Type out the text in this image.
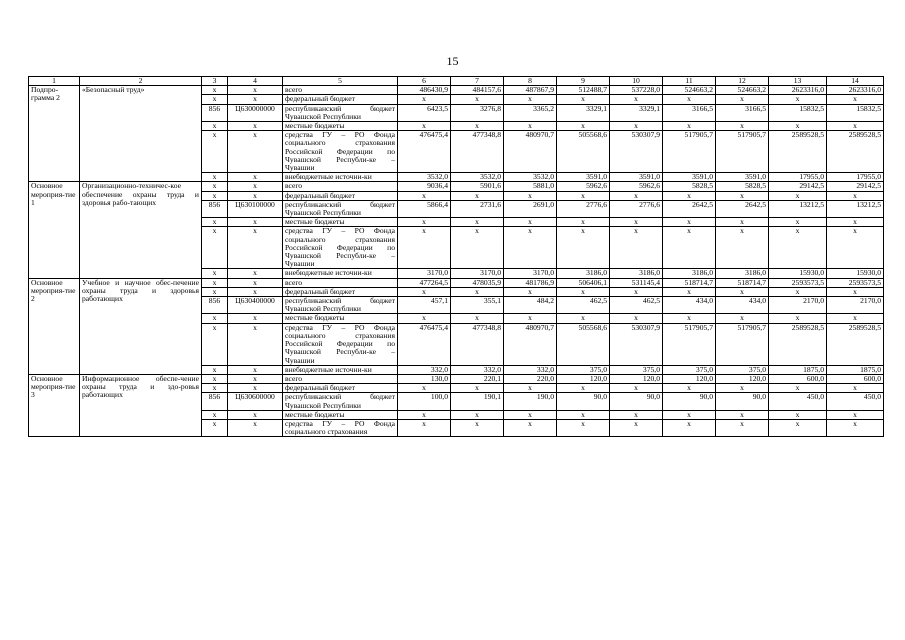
15
1	2	3	4	5	6	7	8	9	10	11	12	13	14
Подпро-грамма 2	«Безопасный труд»	x	x	всего	486430,9	484157,6	487867,9	512488,7	537228,0	524663,2	524663,2	2623316,0	2623316,0
		x	x	федеральный бюджет	x	x	x	x	x	x	x	x	x
		856	Ц630000000	республиканский бюджет Чувашской Республики	6423,5	3276,8	3365,2	3329,1	3329,1	3166,5	3166,5	15832,5	15832,5
		x	x	местные бюджеты	x	x	x	x	x	x	x	x	x
		x	x	средства ГУ – РО Фонда социального страхования Российской Федерации по Чувашской Республи-ке – Чувашии	476475,4	477348,8	480970,7	505568,6	530307,9	517905,7	517905,7	2589528,5	2589528,5
		x	x	внебюджетные источни-ки	3532,0	3532,0	3532,0	3591,0	3591,0	3591,0	3591,0	17955,0	17955,0
Основное мероприя-тие 1	Организационно-техничес-кое обеспечение охраны труда и здоровья рабо-тающих	x	x	всего	9036,4	5901,6	5881,0	5962,6	5962,6	5828,5	5828,5	29142,5	29142,5
		x	x	федеральный бюджет	x	x	x	x	x	x	x	x	x
		856	Ц630100000	республиканский бюджет Чувашской Республики	5866,4	2731,6	2691,0	2776,6	2776,6	2642,5	2642,5	13212,5	13212,5
		x	x	местные бюджеты	x	x	x	x	x	x	x	x	x
		x	x	средства ГУ – РО Фонда социального страхования Российской Федерации по Чувашской Республи-ке – Чувашии	x	x	x	x	x	x	x	x	x
		x	x	внебюджетные источни-ки	3170,0	3170,0	3170,0	3186,0	3186,0	3186,0	3186,0	15930,0	15930,0
Основное мероприя-тие 2	Учебное и научное обес-печение охраны труда и здоровья работающих	x	x	всего	477264,5	478035,9	481786,9	506406,1	531145,4	518714,7	518714,7	2593573,5	2593573,5
		x	x	федеральный бюджет	x	x	x	x	x	x	x	x	x
		856	Ц630400000	республиканский бюджет Чувашской Республики	457,1	355,1	484,2	462,5	462,5	434,0	434,0	2170,0	2170,0
		x	x	местные бюджеты	x	x	x	x	x	x	x	x	x
		x	x	средства ГУ – РО Фонда социального страхования Российской Федерации по Чувашской Республи-ке – Чувашии	476475,4	477348,8	480970,7	505568,6	530307,9	517905,7	517905,7	2589528,5	2589528,5
		x	x	внебюджетные источни-ки	332,0	332,0	332,0	375,0	375,0	375,0	375,0	1875,0	1875,0
Основное мероприя-тие 3	Информационное обеспе-чение охраны труда и здо-ровья работающих	x	x	всего	130,0	220,1	220,0	120,0	120,0	120,0	120,0	600,0	600,0
		x	x	федеральный бюджет	x	x	x	x	x	x	x	x	x
		856	Ц630600000	республиканский бюджет Чувашской Республики	100,0	190,1	190,0	90,0	90,0	90,0	90,0	450,0	450,0
		x	x	местные бюджеты	x	x	x	x	x	x	x	x	x
		x	x	средства ГУ – РО Фонда социального страхования	x	x	x	x	x	x	x	x	x
